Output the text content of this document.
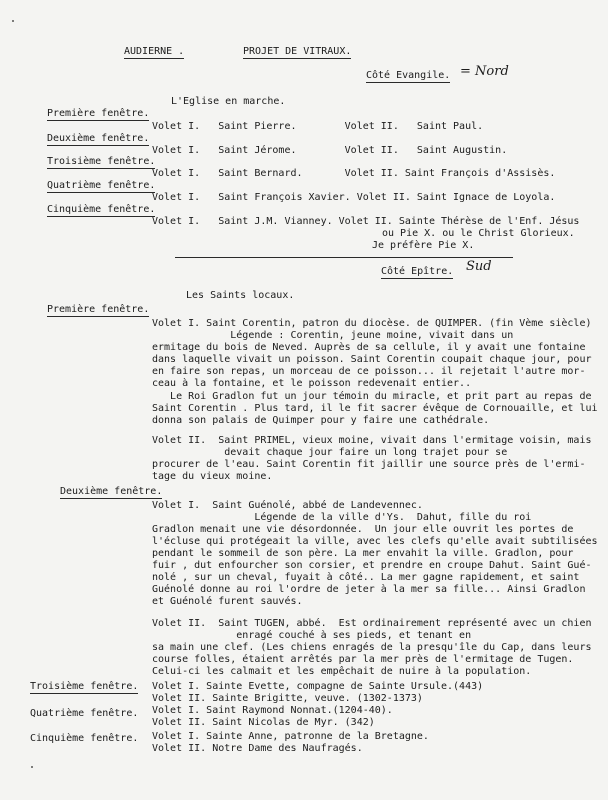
AUDIERNE .	PROJET DE VITRAUX.
Côté Evangile. = Nord
L'Eglise en marche.
Première fenêtre.
Volet I.   Saint Pierre.        Volet II.   Saint Paul.
Deuxième fenêtre.
Volet I.   Saint Jérome.        Volet II.   Saint Augustin.
Troisième fenêtre.
Volet I.   Saint Bernard.       Volet II. Saint François d'Assisès.
Quatrième fenêtre.
Volet I.   Saint François Xavier. Volet II. Saint Ignace de Loyola.
Cinquième fenêtre.
Volet I.   Saint J.M. Vianney. Volet II. Sainte Thérèse de l'Enf. Jésus
ou Pie X. ou le Christ Glorieux.
Je préfère Pie X.
Côté Epître. Sud
Les Saints locaux.
Première fenêtre.
Volet I. Saint Corentin, patron du diocèse. de QUIMPER. (fin Vème siècle)
Légende : Corentin, jeune moine, vivait dans un
ermitage du bois de Neved. Auprès de sa cellule, il y avait une fontaine
dans laquelle vivait un poisson. Saint Corentin coupait chaque jour, pour
en faire son repas, un morceau de ce poisson... il rejetait l'autre mor-
ceau à la fontaine, et le poisson redevenait entier..
Le Roi Gradlon fut un jour témoin du miracle, et prit part au repas de
Saint Corentin . Plus tard, il le fit sacrer évêque de Cornouaille, et lui
donna son palais de Quimper pour y faire une cathédrale.
Volet II.  Saint PRIMEL, vieux moine, vivait dans l'ermitage voisin, mais
devait chaque jour faire un long trajet pour se
procurer de l'eau. Saint Corentin fit jaillir une source près de l'ermi-
tage du vieux moine.
Deuxième fenêtre.
Volet I.  Saint Guénolé, abbé de Landevennec.
Légende de la ville d'Ys.  Dahut, fille du roi
Gradlon menait une vie désordonnée.  Un jour elle ouvrit les portes de
l'écluse qui protégeait la ville, avec les clefs qu'elle avait subtilisées
pendant le sommeil de son père. La mer envahit la ville. Gradlon, pour
fuir , dut enfourcher son corsier, et prendre en croupe Dahut. Saint Gué-
nolé , sur un cheval, fuyait à côté.. La mer gagne rapidement, et saint
Guénolé donne au roi l'ordre de jeter à la mer sa fille... Ainsi Gradlon
et Guénolé furent sauvés.
Volet II.  Saint TUGEN, abbé.  Est ordinairement représenté avec un chien
enragé couché à ses pieds, et tenant en
sa main une clef. (Les chiens enragés de la presqu'île du Cap, dans leurs
course folles, étaient arrêtés par la mer près de l'ermitage de Tugen.
Celui-ci les calmait et les empêchait de nuire à la population.
Troisième fenêtre. Volet I. Sainte Evette, compagne de Sainte Ursule.(443)
Volet II. Sainte Brigitte, veuve. (1302-1373)
Quatrième fenêtre. Volet I. Saint Raymond Nonnat.(1204-40).
Volet II. Saint Nicolas de Myr. (342)
Cinquième fenêtre. Volet I. Sainte Anne, patronne de la Bretagne.
Volet II. Notre Dame des Naufragés.
